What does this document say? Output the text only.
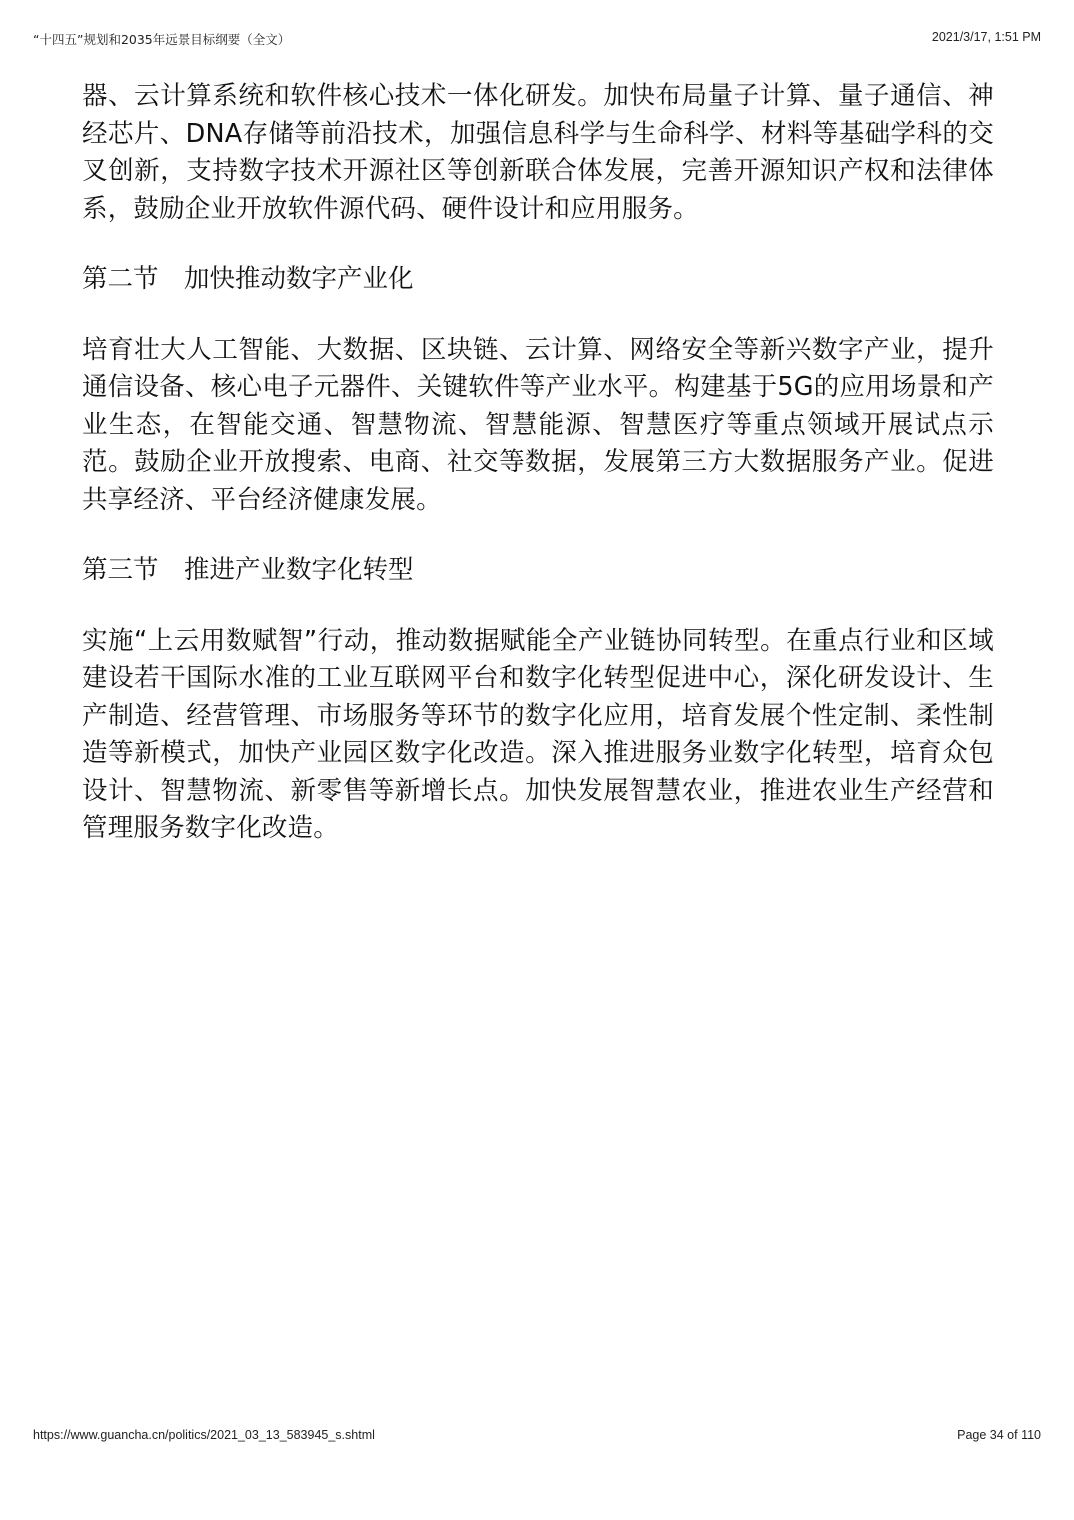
“十四五”规划和2035年远景目标纲要（全文）	2021/3/17, 1:51 PM

器、云计算系统和软件核心技术一体化研发。加快布局量子计算、量子通信、神经芯片、DNA存储等前沿技术，加强信息科学与生命科学、材料等基础学科的交叉创新，支持数字技术开源社区等创新联合体发展，完善开源知识产权和法律体系，鼓励企业开放软件源代码、硬件设计和应用服务。

第二节　加快推动数字产业化

培育壮大人工智能、大数据、区块链、云计算、网络安全等新兴数字产业，提升通信设备、核心电子元器件、关键软件等产业水平。构建基于5G的应用场景和产业生态，在智能交通、智慧物流、智慧能源、智慧医疗等重点领域开展试点示范。鼓励企业开放搜索、电商、社交等数据，发展第三方大数据服务产业。促进共享经济、平台经济健康发展。

第三节　推进产业数字化转型

实施“上云用数赋智”行动，推动数据赋能全产业链协同转型。在重点行业和区域建设若干国际水准的工业互联网平台和数字化转型促进中心，深化研发设计、生产制造、经营管理、市场服务等环节的数字化应用，培育发展个性定制、柔性制造等新模式，加快产业园区数字化改造。深入推进服务业数字化转型，培育众包设计、智慧物流、新零售等新增长点。加快发展智慧农业，推进农业生产经营和管理服务数字化改造。

https://www.guancha.cn/politics/2021_03_13_583945_s.shtml	Page 34 of 110
